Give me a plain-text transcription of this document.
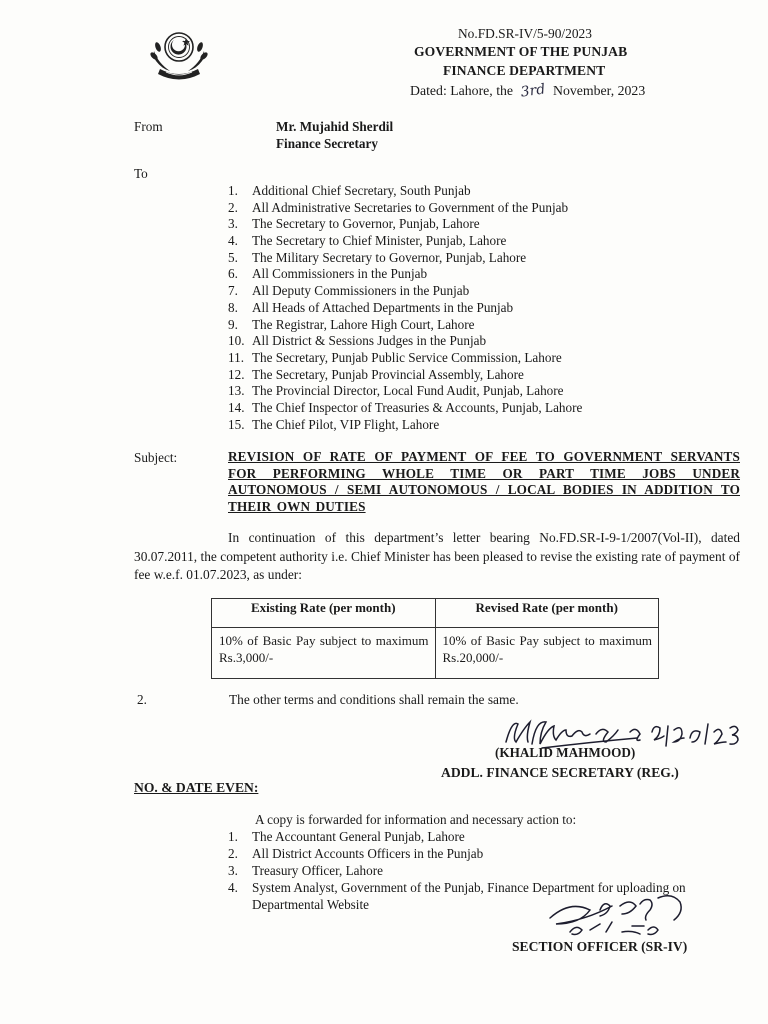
No.FD.SR-IV/5-90/2023
GOVERNMENT OF THE PUNJAB
FINANCE DEPARTMENT
Dated: Lahore, the 3rd November, 2023
From	Mr. Mujahid Sherdil
Finance Secretary
To
1. Additional Chief Secretary, South Punjab
2. All Administrative Secretaries to Government of the Punjab
3. The Secretary to Governor, Punjab, Lahore
4. The Secretary to Chief Minister, Punjab, Lahore
5. The Military Secretary to Governor, Punjab, Lahore
6. All Commissioners in the Punjab
7. All Deputy Commissioners in the Punjab
8. All Heads of Attached Departments in the Punjab
9. The Registrar, Lahore High Court, Lahore
10. All District & Sessions Judges in the Punjab
11. The Secretary, Punjab Public Service Commission, Lahore
12. The Secretary, Punjab Provincial Assembly, Lahore
13. The Provincial Director, Local Fund Audit, Punjab, Lahore
14. The Chief Inspector of Treasuries & Accounts, Punjab, Lahore
15. The Chief Pilot, VIP Flight, Lahore
Subject:	REVISION OF RATE OF PAYMENT OF FEE TO GOVERNMENT SERVANTS FOR PERFORMING WHOLE TIME OR PART TIME JOBS UNDER AUTONOMOUS / SEMI AUTONOMOUS / LOCAL BODIES IN ADDITION TO THEIR OWN DUTIES
In continuation of this department’s letter bearing No.FD.SR-I-9-1/2007(Vol-II), dated 30.07.2011, the competent authority i.e. Chief Minister has been pleased to revise the existing rate of payment of fee w.e.f. 01.07.2023, as under:
Existing Rate (per month)	Revised Rate (per month)
10% of Basic Pay subject to maximum Rs.3,000/-	10% of Basic Pay subject to maximum Rs.20,000/-
2.	The other terms and conditions shall remain the same.
(KHALID MAHMOOD)
ADDL. FINANCE SECRETARY (REG.)
NO. & DATE EVEN:
A copy is forwarded for information and necessary action to:
1. The Accountant General Punjab, Lahore
2. All District Accounts Officers in the Punjab
3. Treasury Officer, Lahore
4. System Analyst, Government of the Punjab, Finance Department for uploading on Departmental Website
SECTION OFFICER (SR-IV)
